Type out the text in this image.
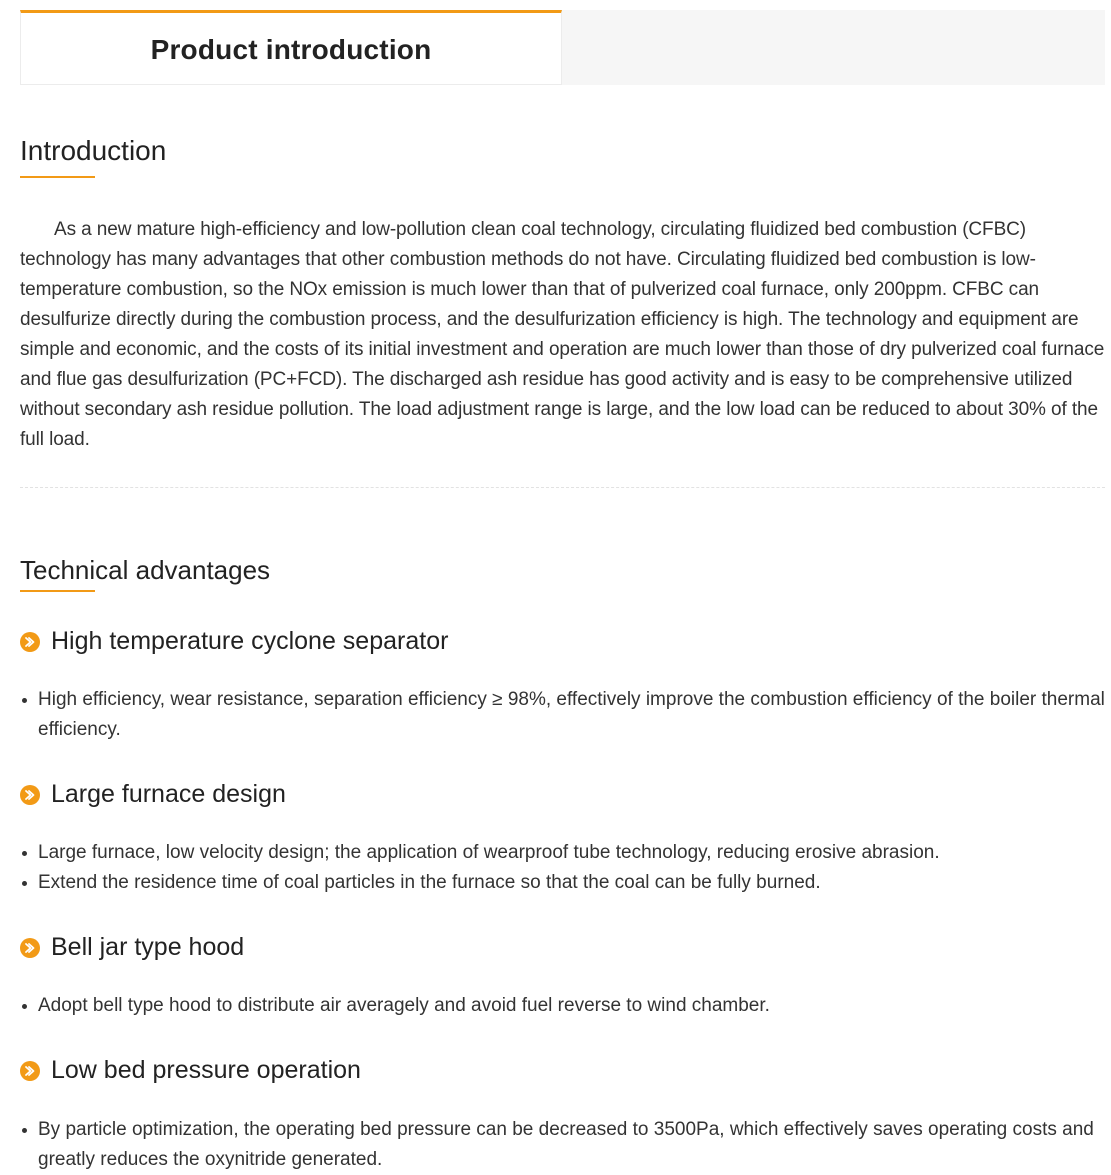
Product introduction
Introduction

As a new mature high-efficiency and low-pollution clean coal technology, circulating fluidized bed combustion (CFBC) technology has many advantages that other combustion methods do not have. Circulating fluidized bed combustion is low-temperature combustion, so the NOx emission is much lower than that of pulverized coal furnace, only 200ppm. CFBC can desulfurize directly during the combustion process, and the desulfurization efficiency is high. The technology and equipment are simple and economic, and the costs of its initial investment and operation are much lower than those of dry pulverized coal furnace and flue gas desulfurization (PC+FCD). The discharged ash residue has good activity and is easy to be comprehensive utilized without secondary ash residue pollution. The load adjustment range is large, and the low load can be reduced to about 30% of the full load.

Technical advantages
High temperature cyclone separator
High efficiency, wear resistance, separation efficiency ≥ 98%, effectively improve the combustion efficiency of the boiler thermal efficiency.
Large furnace design
Large furnace, low velocity design; the application of wearproof tube technology, reducing erosive abrasion.
Extend the residence time of coal particles in the furnace so that the coal can be fully burned.
Bell jar type hood
Adopt bell type hood to distribute air averagely and avoid fuel reverse to wind chamber.
Low bed pressure operation
By particle optimization, the operating bed pressure can be decreased to 3500Pa, which effectively saves operating costs and greatly reduces the oxynitride generated.
